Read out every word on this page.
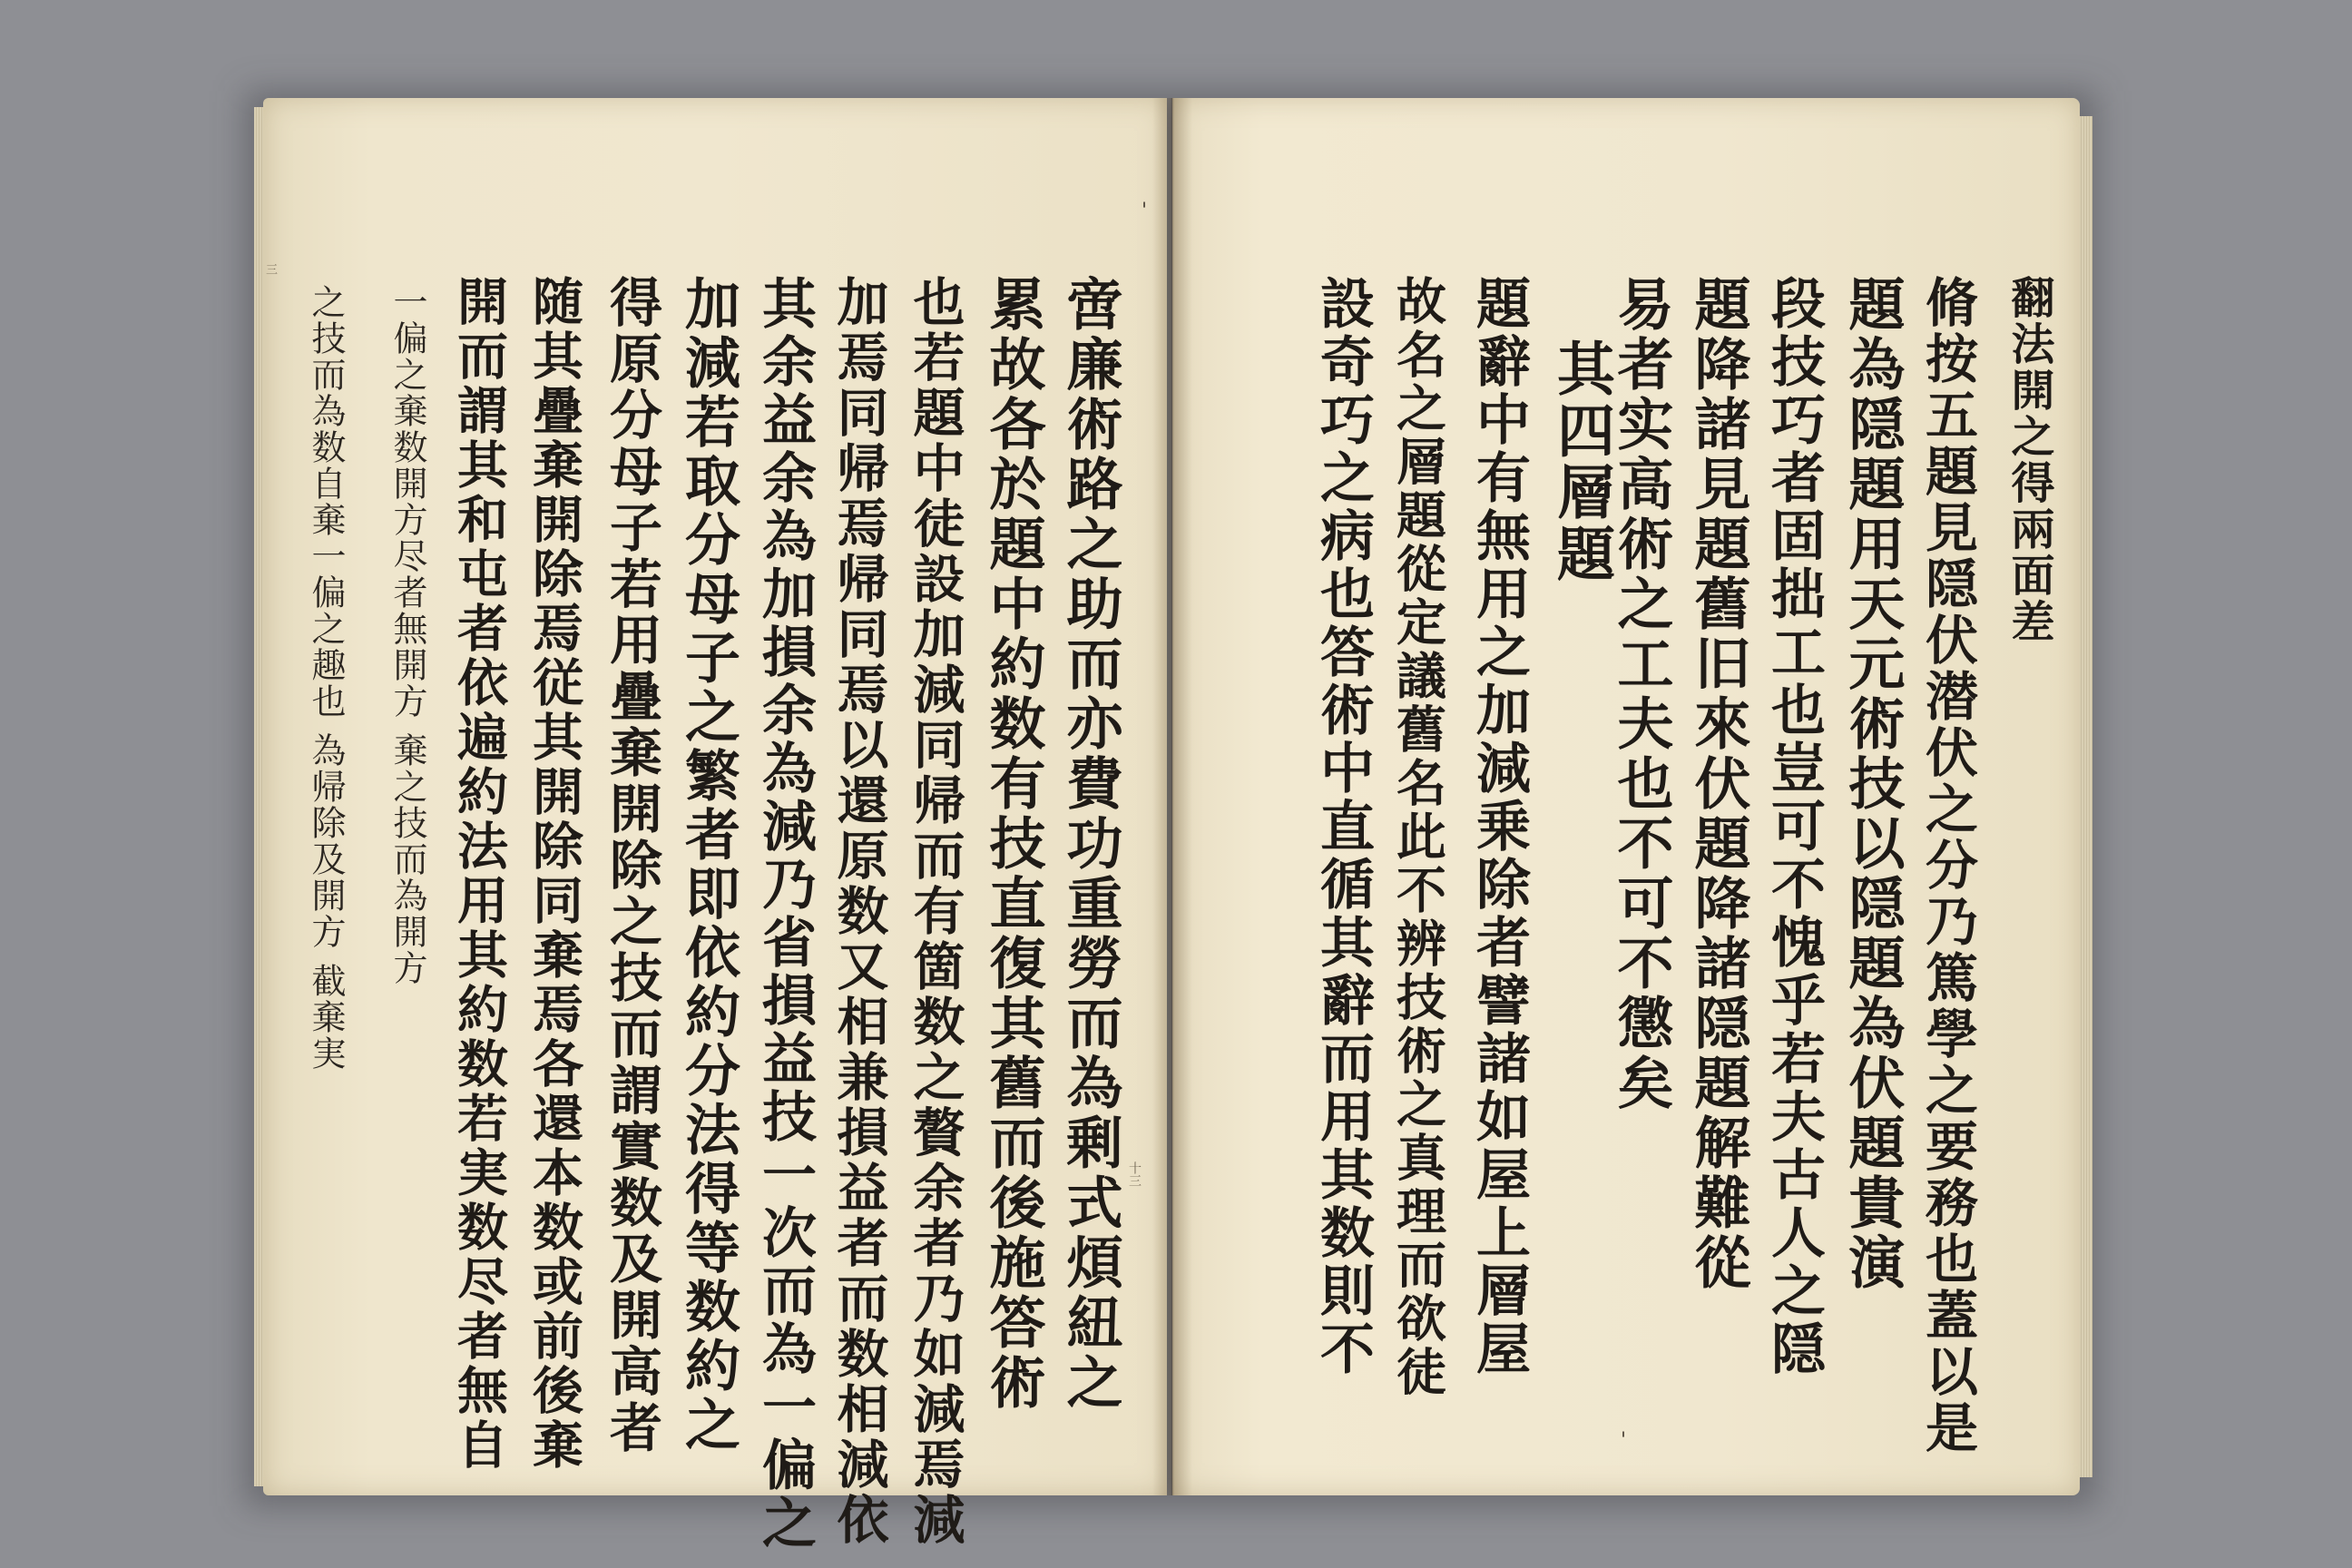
啻廉術路之助而亦費功重勞而為剰式煩紐之
累故各於題中約数有技直復其舊而後施答術
也若題中徒設加減同帰而有箇数之贅余者乃如減焉減
加焉同帰焉帰同焉以還原数又相兼損益者而数相減依
其余益余為加損余為減乃省損益技一次而為一偏之
加減若取分母子之繁者即依約分法得等数約之
得原分母子若用疊棄開除之技而謂實数及開高者
随其疊棄開除焉従其開除同棄焉各還本数或前後棄
開而謂其和屯者依遍約法用其約数若実数尽者無自
一偏之棄数開方尽者無開方 棄之技而為開方
之技而為数自棄一偏之趣也 為帰除及開方 截棄実
三
十三
翻法開之得兩面差
脩按五題見隠伏潜伏之分乃篤學之要務也蓋以是
題為隠題用天元術技以隠題為伏題貴演
段技巧者固拙工也豈可不愧乎若夫古人之隠
題降諸見題舊旧來伏題降諸隠題解難從
易者实高術之工夫也不可不懲矣
其四層題
題辭中有無用之加減乗除者譬諸如屋上層屋
故名之層題從定議舊名此不辨技術之真理而欲徒
設奇巧之病也答術中直循其辭而用其数則不
'
'
